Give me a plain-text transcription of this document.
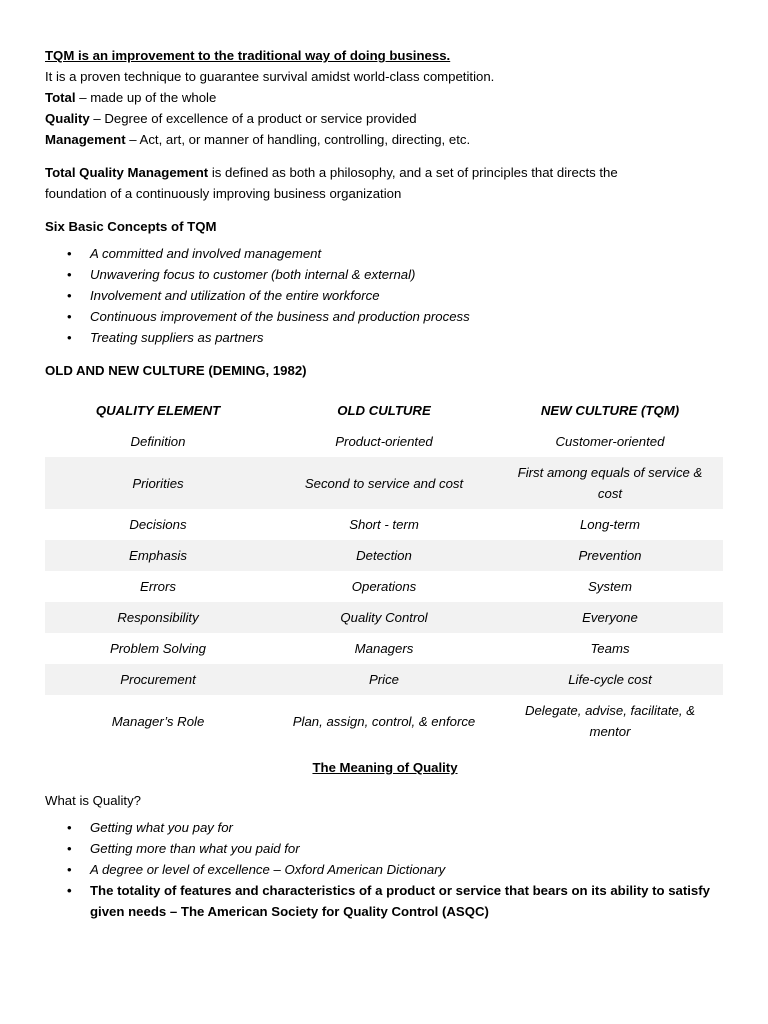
TQM is an improvement to the traditional way of doing business.

It is a proven technique to guarantee survival amidst world-class competition.

Total – made up of the whole

Quality – Degree of excellence of a product or service provided

Management – Act, art, or manner of handling, controlling, directing, etc.

Total Quality Management is defined as both a philosophy, and a set of principles that directs the

foundation of a continuously improving business organization

Six Basic Concepts of TQM

• A committed and involved management
• Unwavering focus to customer (both internal & external)
• Involvement and utilization of the entire workforce
• Continuous improvement of the business and production process
• Treating suppliers as partners

OLD AND NEW CULTURE (DEMING, 1982)

QUALITY ELEMENT	OLD CULTURE	NEW CULTURE (TQM)
Definition	Product-oriented	Customer-oriented
Priorities	Second to service and cost	First among equals of service & cost
Decisions	Short - term	Long-term
Emphasis	Detection	Prevention
Errors	Operations	System
Responsibility	Quality Control	Everyone
Problem Solving	Managers	Teams
Procurement	Price	Life-cycle cost
Manager’s Role	Plan, assign, control, & enforce	Delegate, advise, facilitate, & mentor

The Meaning of Quality

What is Quality?

• Getting what you pay for
• Getting more than what you paid for
• A degree or level of excellence – Oxford American Dictionary
• The totality of features and characteristics of a product or service that bears on its ability to satisfy given needs – The American Society for Quality Control (ASQC)
